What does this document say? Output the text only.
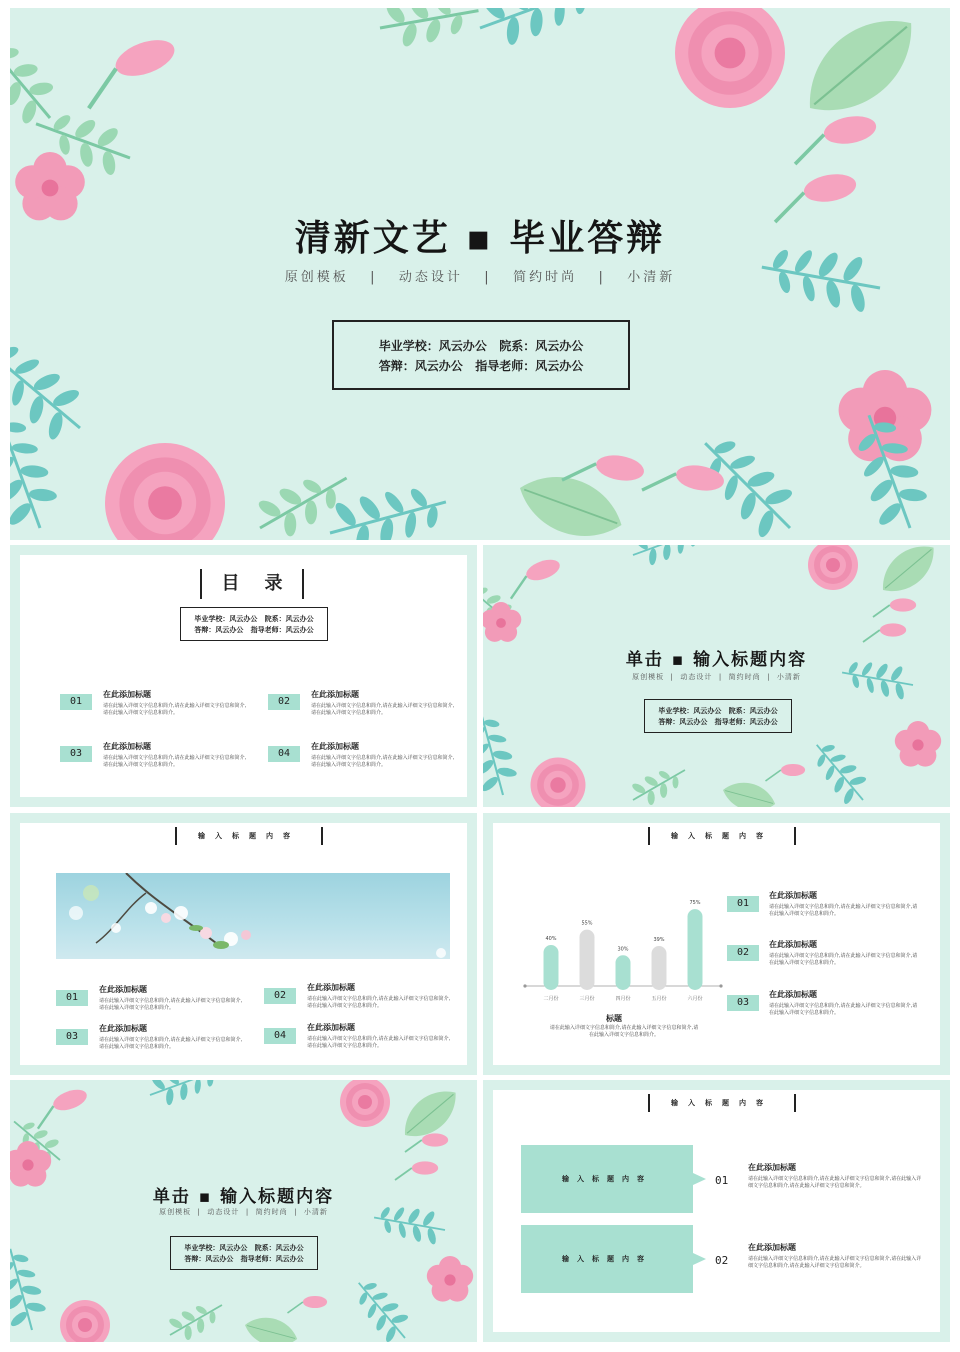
清新文艺 ▪ 毕业答辩
原创模板   |   动态设计   |   简约时尚   |   小清新
毕业学校：风云办公   院系：风云办公
答辩：风云办公   指导老师：风云办公
目    录
毕业学校：风云办公   院系：风云办公
答辩：风云办公   指导老师：风云办公
01
在此添加标题
请在此输入详细文字信息和简介,请在此输入详细文字信息和简介,请在此输入详细文字信息和简介。
02
在此添加标题
请在此输入详细文字信息和简介,请在此输入详细文字信息和简介,请在此输入详细文字信息和简介。
03
在此添加标题
请在此输入详细文字信息和简介,请在此输入详细文字信息和简介,请在此输入详细文字信息和简介。
04
在此添加标题
请在此输入详细文字信息和简介,请在此输入详细文字信息和简介,请在此输入详细文字信息和简介。
单击 ▪ 输入标题内容
原创模板  |  动态设计  |  简约时尚  |  小清新
毕业学校：风云办公   院系：风云办公
答辩：风云办公   指导老师：风云办公
输入标题内容
01
在此添加标题
请在此输入详细文字信息和简介,请在此输入详细文字信息和简介,请在此输入详细文字信息和简介。
02
在此添加标题
请在此输入详细文字信息和简介,请在此输入详细文字信息和简介,请在此输入详细文字信息和简介。
03
在此添加标题
请在此输入详细文字信息和简介,请在此输入详细文字信息和简介,请在此输入详细文字信息和简介。
04
在此添加标题
请在此输入详细文字信息和简介,请在此输入详细文字信息和简介,请在此输入详细文字信息和简介。
输入标题内容
40%
二月份
55%
三月份
30%
四月份
39%
五月份
75%
六月份
标题
请在此输入详细文字信息和简介,请在此输入详细文字信息和简介,请在此输入详细文字信息和简介。
01
在此添加标题
请在此输入详细文字信息和简介,请在此输入详细文字信息和简介,请在此输入详细文字信息和简介。
02
在此添加标题
请在此输入详细文字信息和简介,请在此输入详细文字信息和简介,请在此输入详细文字信息和简介。
03
在此添加标题
请在此输入详细文字信息和简介,请在此输入详细文字信息和简介,请在此输入详细文字信息和简介。
单击 ▪ 输入标题内容
原创模板  |  动态设计  |  简约时尚  |  小清新
毕业学校：风云办公   院系：风云办公
答辩：风云办公   指导老师：风云办公
输入标题内容
输入标题内容	01
在此添加标题
请在此输入详细文字信息和简介,请在此输入详细文字信息和简介,请在此输入详细文字信息和简介,请在此输入详细文字信息和简介。
输入标题内容	02
在此添加标题
请在此输入详细文字信息和简介,请在此输入详细文字信息和简介,请在此输入详细文字信息和简介,请在此输入详细文字信息和简介。
